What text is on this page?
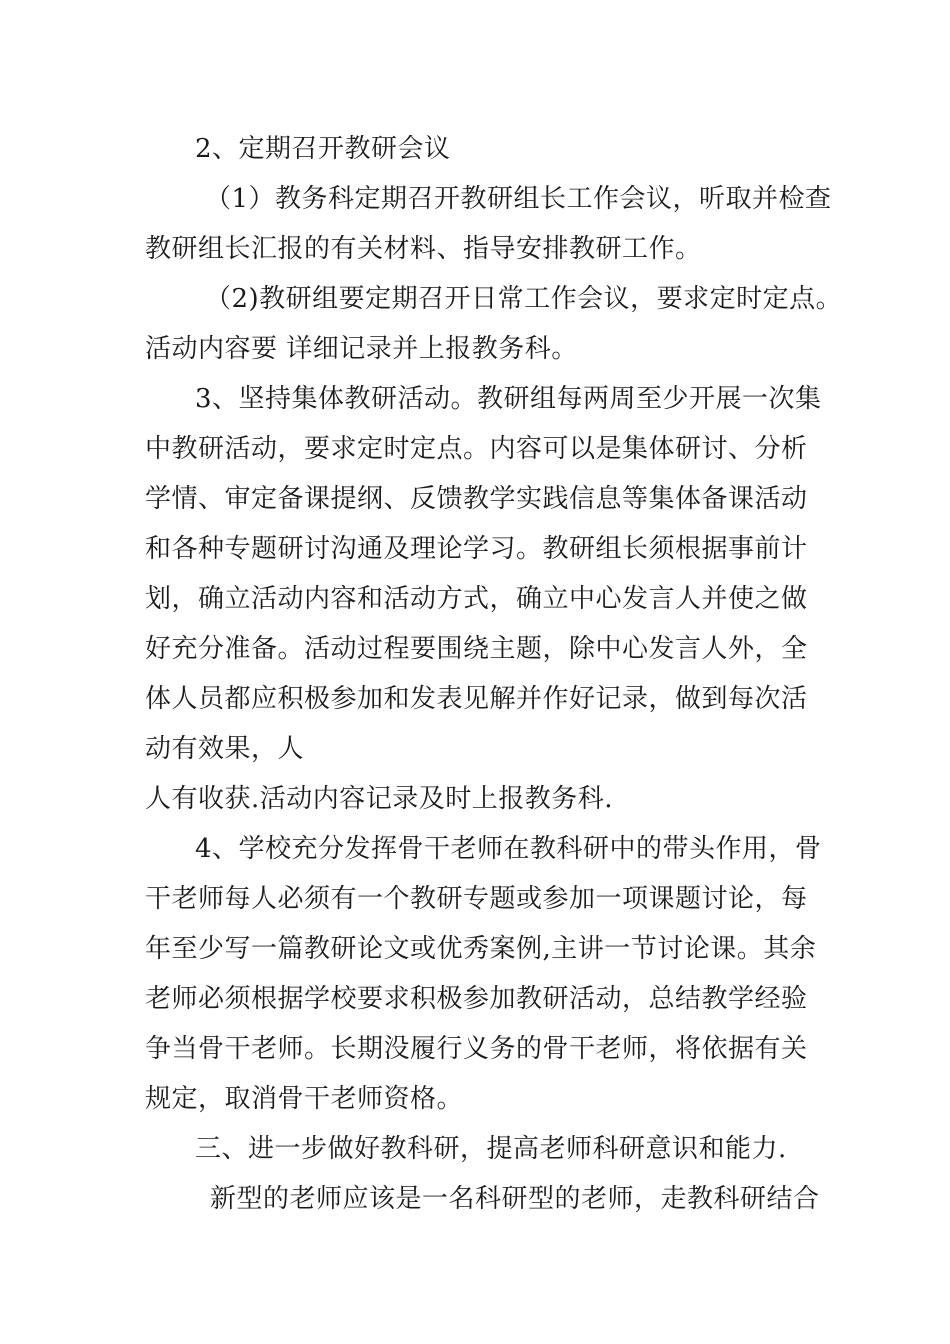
2、定期召开教研会议
（1）教务科定期召开教研组长工作会议，听取并检查
教研组长汇报的有关材料、指导安排教研工作。
（2)教研组要定期召开日常工作会议，要求定时定点。
活动内容要 详细记录并上报教务科。
3、坚持集体教研活动。教研组每两周至少开展一次集
中教研活动，要求定时定点。内容可以是集体研讨、分析
学情、审定备课提纲、反馈教学实践信息等集体备课活动
和各种专题研讨沟通及理论学习。教研组长须根据事前计
划，确立活动内容和活动方式，确立中心发言人并使之做
好充分准备。活动过程要围绕主题，除中心发言人外，全
体人员都应积极参加和发表见解并作好记录，做到每次活
动有效果，人
人有收获.活动内容记录及时上报教务科.
4、学校充分发挥骨干老师在教科研中的带头作用，骨
干老师每人必须有一个教研专题或参加一项课题讨论，每
年至少写一篇教研论文或优秀案例,主讲一节讨论课。其余
老师必须根据学校要求积极参加教研活动，总结教学经验
争当骨干老师。长期没履行义务的骨干老师，将依据有关
规定，取消骨干老师资格。
三、进一步做好教科研，提高老师科研意识和能力.
新型的老师应该是一名科研型的老师，走教科研结合
